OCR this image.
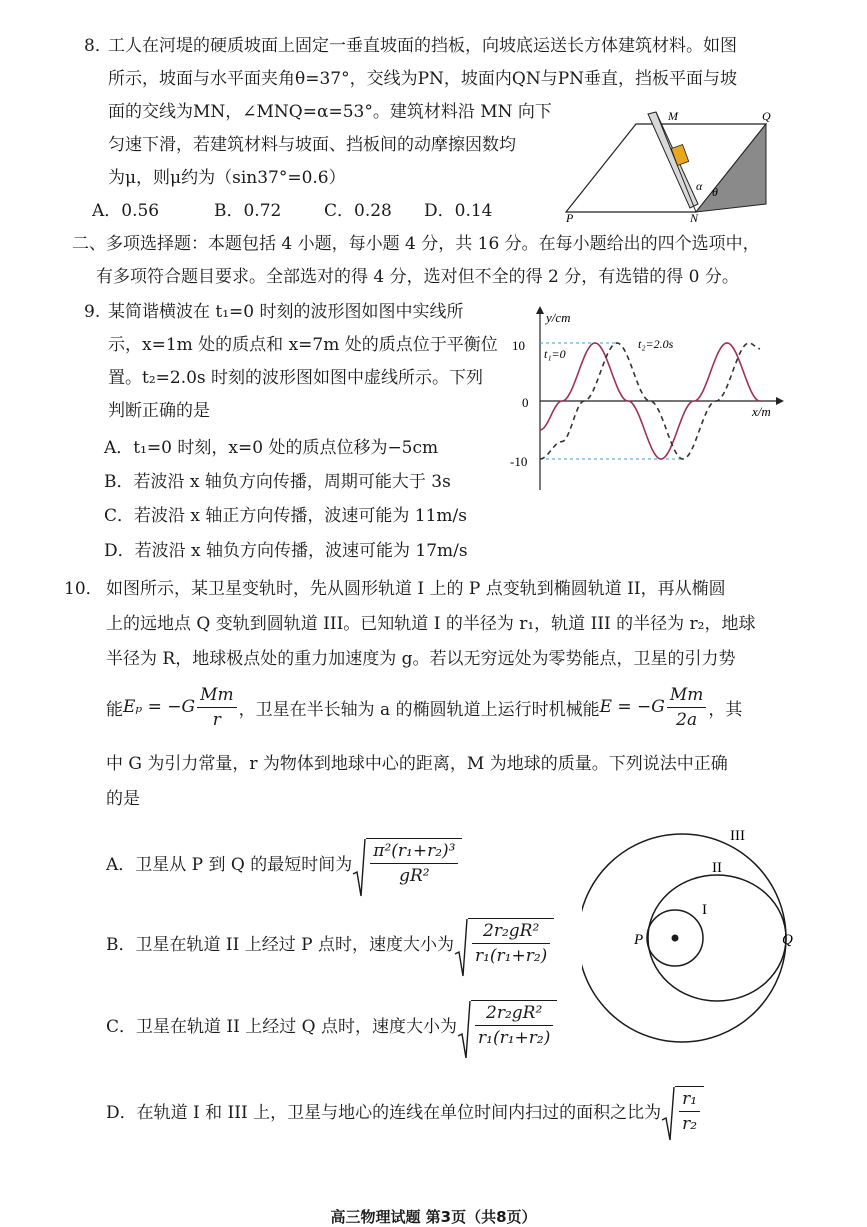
8．
工人在河堤的硬质坡面上固定一垂直坡面的挡板，向坡底运送长方体建筑材料。如图
所示，坡面与水平面夹角θ=37°，交线为PN，坡面内QN与PN垂直，挡板平面与坡
面的交线为MN，∠MNQ=α=53°。建筑材料沿 MN 向下
匀速下滑，若建筑材料与坡面、挡板间的动摩擦因数均
为μ，则μ约为（sin37°=0.6）
A．0.56	B．0.72	C．0.28 D．0.14
M	Q
P	N
α θ
二、多项选择题：本题包括 4 小题，每小题 4 分，共 16 分。在每小题给出的四个选项中，
有多项符合题目要求。全部选对的得 4 分，选对但不全的得 2 分，有选错的得 0 分。
9. 某简谐横波在 t₁=0 时刻的波形图如图中实线所
示，x=1m 处的质点和 x=7m 处的质点位于平衡位
置。t₂=2.0s 时刻的波形图如图中虚线所示。下列
判断正确的是
A．t₁=0 时刻，x=0 处的质点位移为−5cm
B．若波沿 x 轴负方向传播，周期可能大于 3s
C．若波沿 x 轴正方向传播，波速可能为 11m/s
D．若波沿 x 轴负方向传播，波速可能为 17m/s
y/cm
x/m
10
0
-10
t₁=0
t₂=2.0s
10． 如图所示，某卫星变轨时，先从圆形轨道 I 上的 P 点变轨到椭圆轨道 II，再从椭圆
上的远地点 Q 变轨到圆轨道 III。已知轨道 I 的半径为 r₁，轨道 III 的半径为 r₂，地球
半径为 R，地球极点处的重力加速度为 g。若以无穷远处为零势能点，卫星的引力势
能 $E_p = -G \frac{Mm}{r}$ ，卫星在半长轴为 a 的椭圆轨道上运行时机械能 $E = -G \frac{Mm}{2a}$ ，其
中 G 为引力常量，r 为物体到地球中心的距离，M 为地球的质量。下列说法中正确
的是
A．卫星从 P 到 Q 的最短时间为 $\frac{\text{π²(r₁+r₂)³}}{\text{gR²}}$
B．卫星在轨道 II 上经过 P 点时，速度大小为 $\frac{\text{2r₂gR²}}{\text{r₁(r₁+r₂)}}$
C．卫星在轨道 II 上经过 Q 点时，速度大小为 $\frac{\text{2r₂gR²}}{\text{r₁(r₁+r₂)}}$
D．在轨道 I 和 III 上，卫星与地心的连线在单位时间内扫过的面积之比为 $\frac{\text{r₁}}{\text{r₂}}$
I
II
III
P	Q
高三物理试题 第3页（共8页）
